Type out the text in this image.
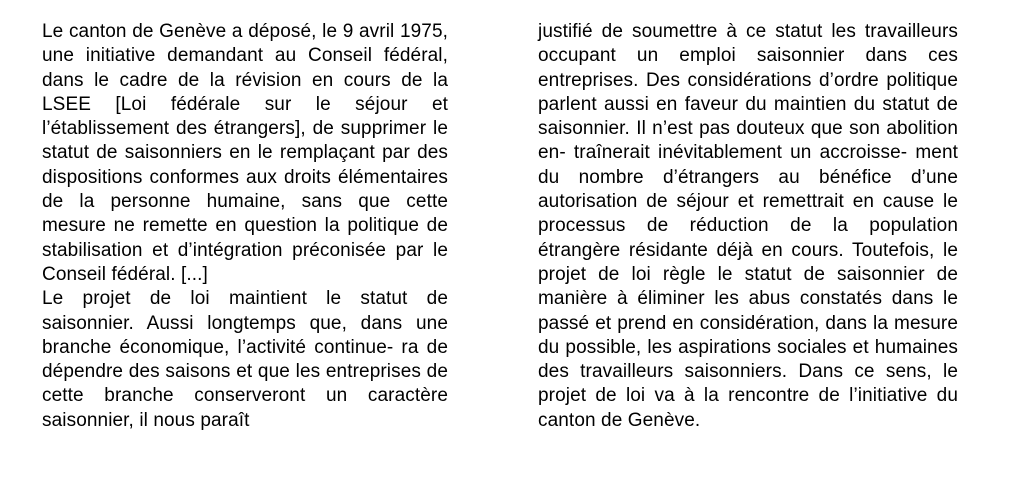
Le canton de Genève a déposé, le 9 avril 1975, une initiative demandant au Conseil fédéral, dans le cadre de la révision en cours de la LSEE [Loi fédérale sur le séjour et l’établissement des étrangers], de supprimer le statut de saisonniers en le remplaçant par des dispositions conformes aux droits élémentaires de la personne humaine, sans que cette mesure ne remette en question la politique de stabilisation et d’intégration préconisée par le Conseil fédéral. [...]

Le projet de loi maintient le statut de saisonnier. Aussi longtemps que, dans une branche économique, l’activité continue- ra de dépendre des saisons et que les entreprises de cette branche conserveront un caractère saisonnier, il nous paraît

justifié de soumettre à ce statut les travailleurs occupant un emploi saisonnier dans ces entreprises. Des considérations d’ordre politique parlent aussi en faveur du maintien du statut de saisonnier. Il n’est pas douteux que son abolition en- traînerait inévitablement un accroisse- ment du nombre d’étrangers au bénéfice d’une autorisation de séjour et remettrait en cause le processus de réduction de la population étrangère résidante déjà en cours. Toutefois, le projet de loi règle le statut de saisonnier de manière à éliminer les abus constatés dans le passé et prend en considération, dans la mesure du possible, les aspirations sociales et humaines des travailleurs saisonniers. Dans ce sens, le projet de loi va à la rencontre de l’initiative du canton de Genève.
